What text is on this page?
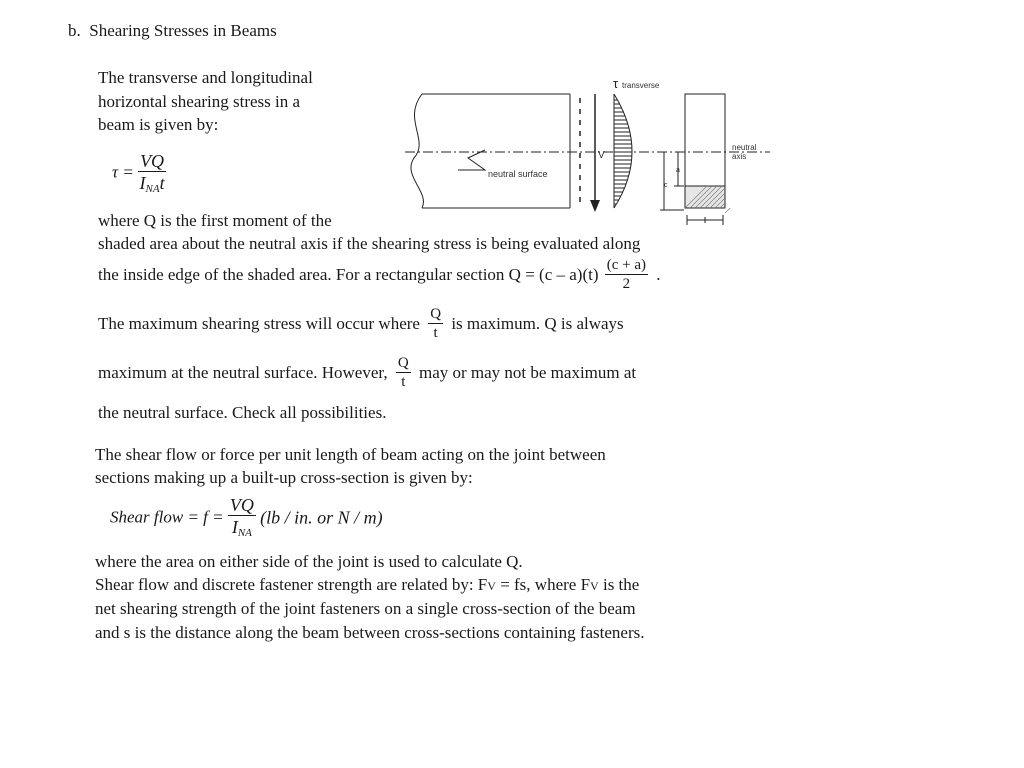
b. Shearing Stresses in Beams
The transverse and longitudinal
horizontal shearing stress in a
beam is given by:
$\tau = \frac{VQ}{I_{NA}t}$
where Q is the first moment of the
shaded area about the neutral axis if the shearing stress is being evaluated along
the inside edge of the shaded area. For a rectangular section $Q = (c - a)(t) \frac{(c + a)}{2}$ .
The maximum shearing stress will occur where $\frac{Q}{t}$ is maximum. Q is always
maximum at the neutral surface. However, $\frac{Q}{t}$ may or may not be maximum at
the neutral surface. Check all possibilities.
The shear flow or force per unit length of beam acting on the joint between
sections making up a built-up cross-section is given by:
Shear flow = $f = \frac{VQ}{I_{NA}} (lb$ / in. or N / m)
where the area on either side of the joint is used to calculate Q.
Shear flow and discrete fastener strength are related by: FV = fs, where FV is the
net shearing strength of the joint fasteners on a single cross-section of the beam
and s is the distance along the beam between cross-sections containing fasteners.
neutral surface
V
τ transverse
c
a
neutral
axis
